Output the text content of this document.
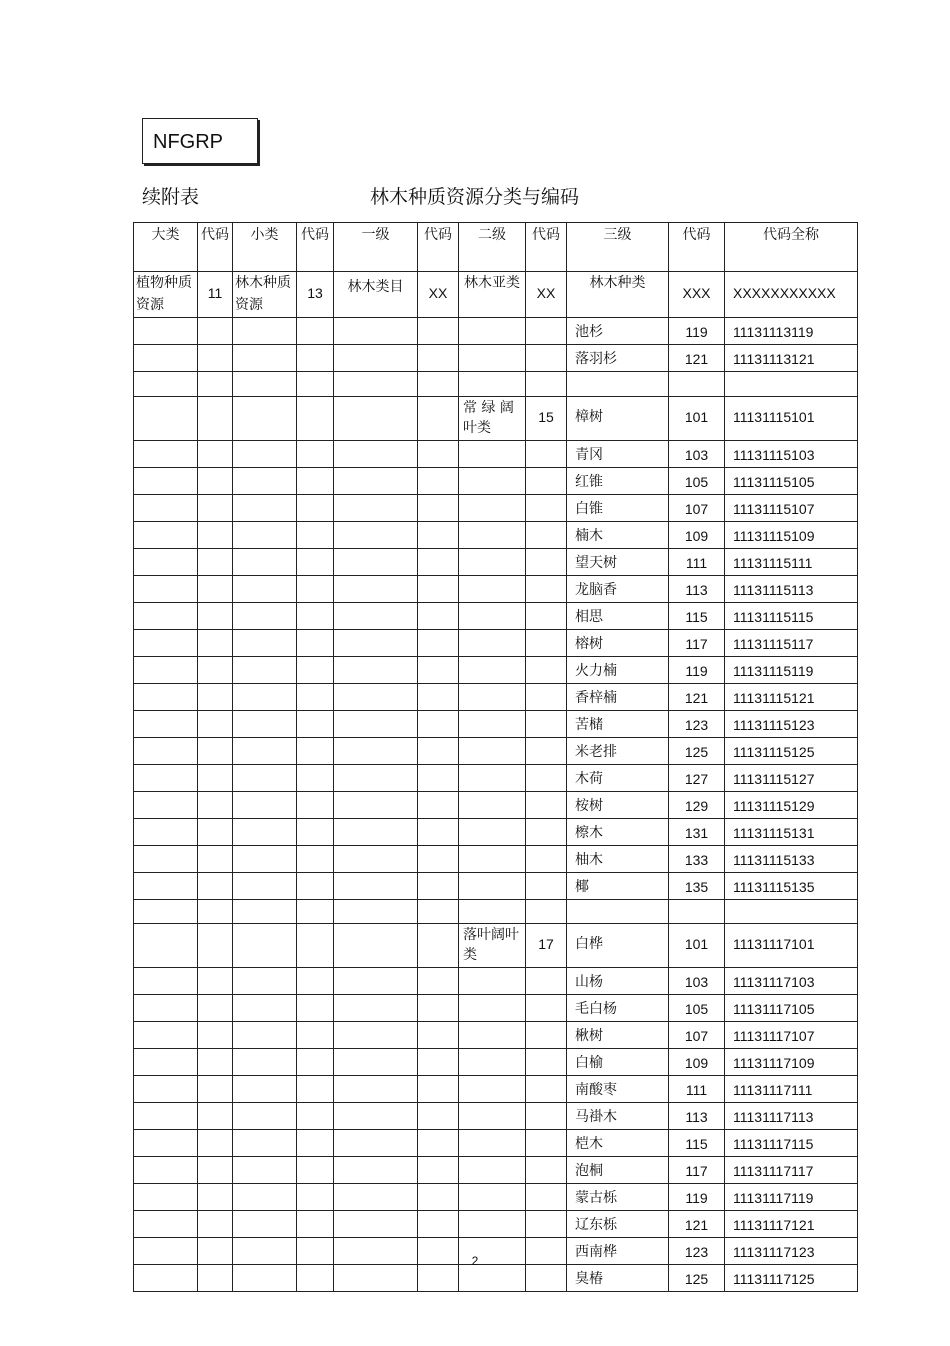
NFGRP
续附表	林木种质资源分类与编码
大类	代码	小类	代码	一级	代码	二级	代码	三级	代码	代码全称
植物种质资源	11	林木种质资源	13	林木类目	XX	林木亚类	XX	林木种类	XXX	XXXXXXXXXXX
								池杉	119	11131113119
								落羽杉	121	11131113121

						常 绿 阔 叶类	15	樟树	101	11131115101
								青冈	103	11131115103
								红锥	105	11131115105
								白锥	107	11131115107
								楠木	109	11131115109
								望天树	111	11131115111
								龙脑香	113	11131115113
								相思	115	11131115115
								榕树	117	11131115117
								火力楠	119	11131115119
								香梓楠	121	11131115121
								苦槠	123	11131115123
								米老排	125	11131115125
								木荷	127	11131115127
								桉树	129	11131115129
								檫木	131	11131115131
								柚木	133	11131115133
								椰	135	11131115135

						落叶阔叶类	17	白桦	101	11131117101
								山杨	103	11131117103
								毛白杨	105	11131117105
								楸树	107	11131117107
								白榆	109	11131117109
								南酸枣	111	11131117111
								马褂木	113	11131117113
								桤木	115	11131117115
								泡桐	117	11131117117
								蒙古栎	119	11131117119
								辽东栎	121	11131117121
								西南桦	123	11131117123
								臭椿	125	11131117125
2
